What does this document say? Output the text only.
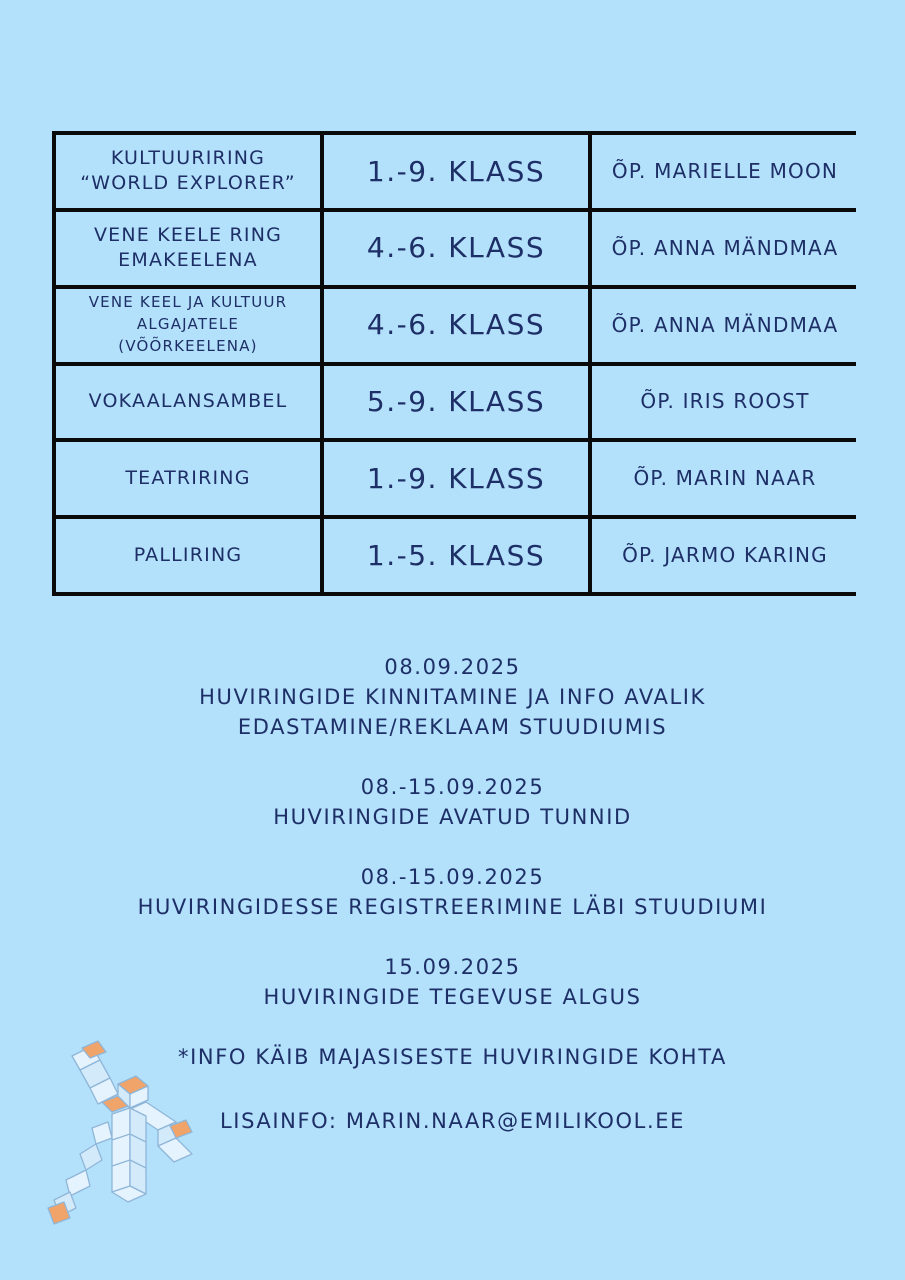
KULTUURIRING
“WORLD EXPLORER”	1.-9. KLASS	ÕP. MARIELLE MOON
VENE KEELE RING
EMAKEELENA	4.-6. KLASS	ÕP. ANNA MÄNDMAA
VENE KEEL JA KULTUUR
ALGAJATELE
(VÕÕRKEELENA)
4.-6. KLASS	ÕP. ANNA MÄNDMAA
VOKAALANSAMBEL	5.-9. KLASS	ÕP. IRIS ROOST
TEATRIRING	1.-9. KLASS	ÕP. MARIN NAAR
PALLIRING	1.-5. KLASS	ÕP. JARMO KARING
08.09.2025
HUVIRINGIDE KINNITAMINE JA INFO AVALIK
EDASTAMINE/REKLAAM STUUDIUMIS
08.-15.09.2025
HUVIRINGIDE AVATUD TUNNID
08.-15.09.2025
HUVIRINGIDESSE REGISTREERIMINE LÄBI STUUDIUMI
15.09.2025
HUVIRINGIDE TEGEVUSE ALGUS
*INFO KÄIB MAJASISESTE HUVIRINGIDE KOHTA
LISAINFO: MARIN.NAAR@EMILIKOOL.EE
